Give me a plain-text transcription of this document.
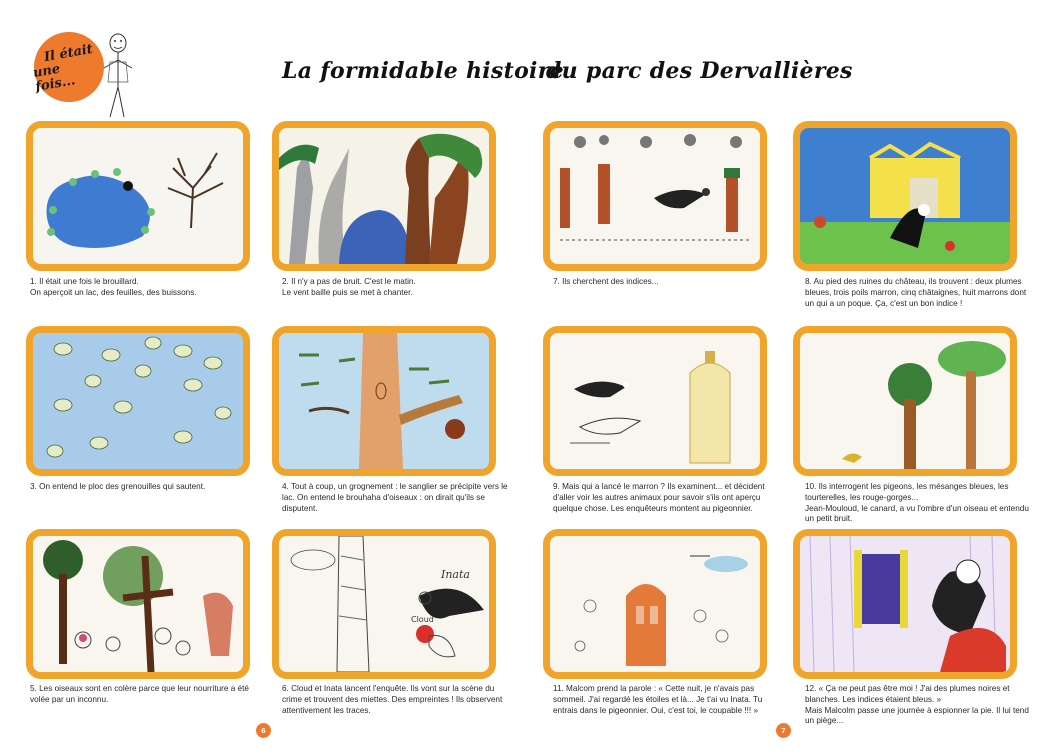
Il était
une fois...	La formidable histoire
du parc des Dervallières
1. Il était une fois le brouillard.
On aperçoit un lac, des feuilles, des buissons.
2. Il n'y a pas de bruit. C'est le matin.
Le vent baille puis se met à chanter.
3. On entend le ploc des grenouilles qui sautent.	4. Tout à coup, un grognement : le sanglier se précipite vers le lac. On entend le brouhaha d'oiseaux : on dirait qu'ils se disputent.
5. Les oiseaux sont en colère parce que leur nourriture a été volée par un inconnu.
Inata
Cloud
6. Cloud et Inata lancent l'enquête. Ils vont sur la scène du crime et trouvent des miettes. Des empreintes ! Ils observent attentivement les traces.
7. Ils cherchent des indices...	8. Au pied des ruines du château, ils trouvent : deux plumes bleues, trois poils marron, cinq châtaignes, huit marrons dont un qui a un poque. Ça, c'est un bon indice !
9. Mais qui a lancé le marron ? Ils examinent... et décident d'aller voir les autres animaux pour savoir s'ils ont aperçu quelque chose. Les enquêteurs montent au pigeonnier.
10. Ils interrogent les pigeons, les mésanges bleues, les tourterelles, les rouge-gorges...
Jean-Mouloud, le canard, a vu l'ombre d'un oiseau et entendu un petit bruit.
11. Malcom prend la parole : « Cette nuit, je n'avais pas sommeil. J'ai regardé les étoiles et là... Je t'ai vu Inata. Tu entrais dans le pigeonnier. Oui, c'est toi, le coupable !!! »
12. « Ça ne peut pas être moi ! J'ai des plumes noires et blanches. Les indices étaient bleus. »
Mais Malcolm passe une journée à espionner la pie. Il lui tend un piège...
6	7
